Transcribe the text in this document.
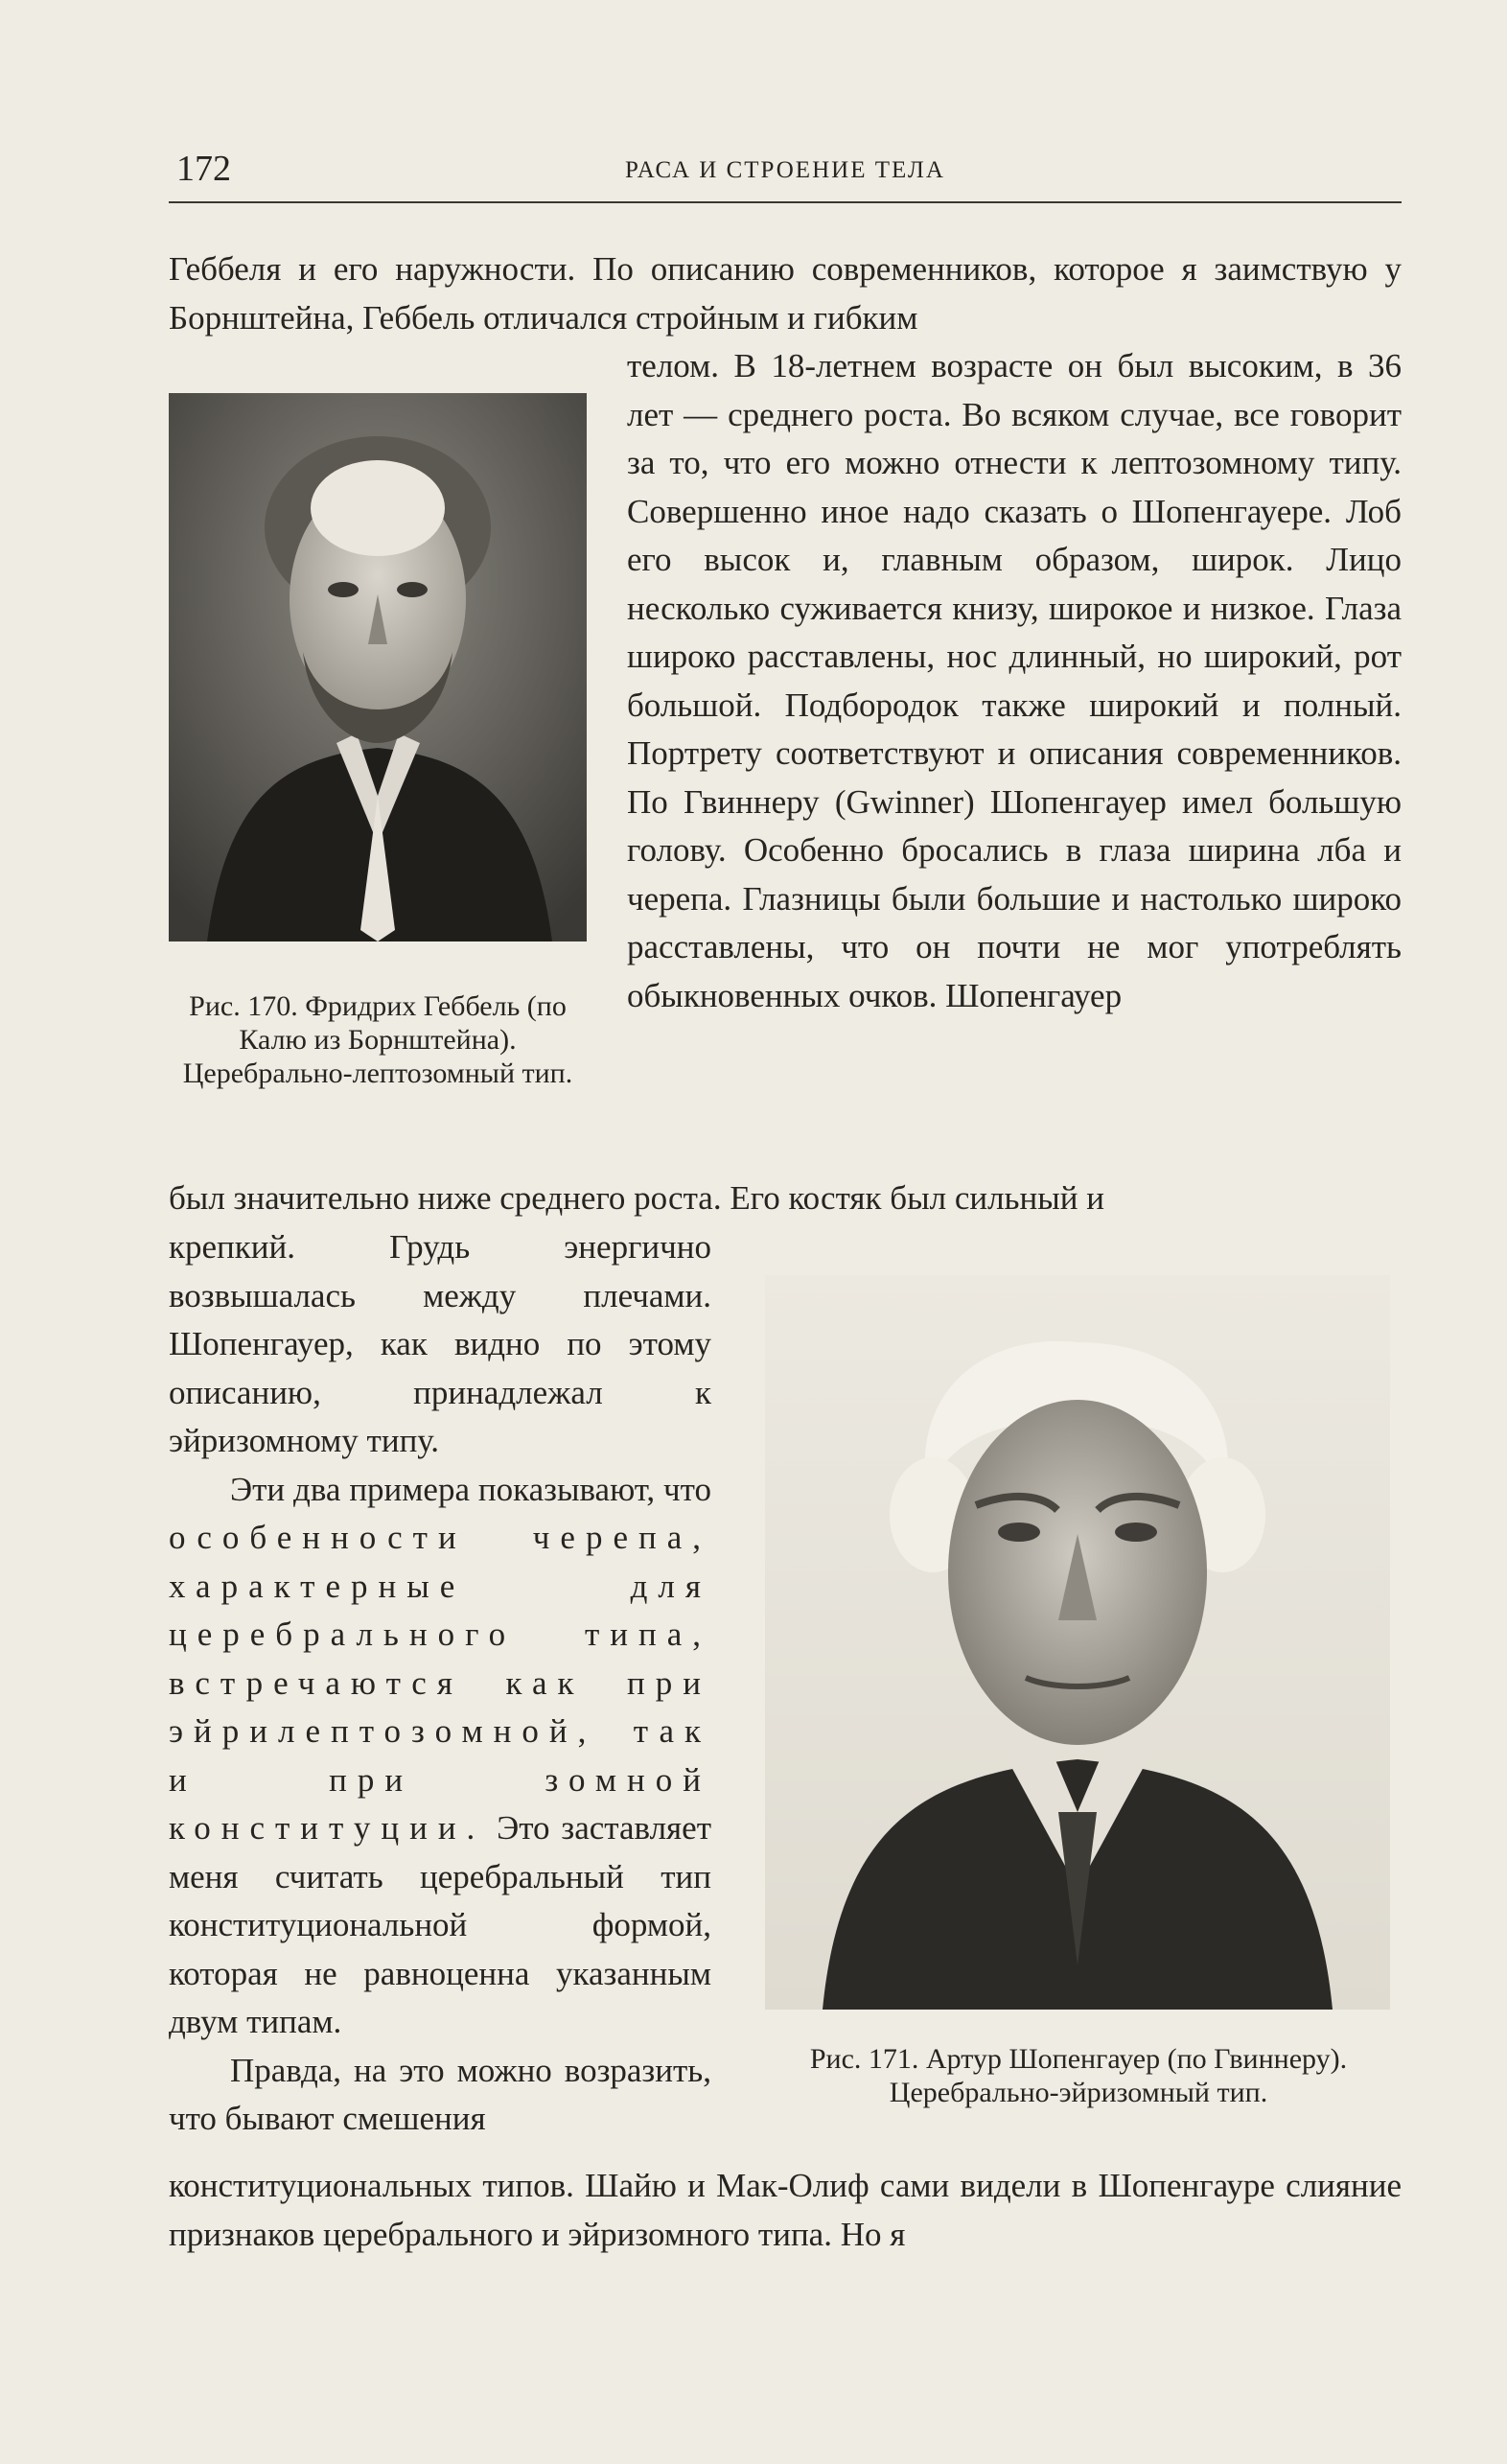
172	РАСА И СТРОЕНИЕ ТЕЛА

Геббеля и его наружности. По описанию современников, которое я заимствую у Борнштейна, Геббель отличался стройным и гибким

Рис. 170. Фридрих Геббель (по Калю из Борнштейна). Церебрально-лептозомный тип.

телом. В 18-летнем возрасте он был высоким, в 36 лет — среднего роста. Во всяком случае, все говорит за то, что его можно отнести к лептозомному типу. Совершенно иное надо сказать о Шопенгауере. Лоб его высок и, главным образом, широк. Лицо несколько суживается книзу, широкое и низкое. Глаза широко расставлены, нос длинный, но широкий, рот большой. Подбородок также широкий и полный. Портрету соответствуют и описания современников. По Гвиннеру (Gwinner) Шопенгауер имел большую голову. Особенно бросались в глаза ширина лба и черепа. Глазницы были большие и настолько широко расставлены, что он почти не мог употреблять обыкновенных очков. Шопенгауер

был значительно ниже среднего роста. Его костяк был сильный и

крепкий. Грудь энергично возвышалась между плечами. Шопенгауер, как видно по этому описанию, принадлежал к эйризомному типу.

Эти два примера показывают, что особенности черепа, характерные для церебрального типа, встречаются как при эйрилептозомной, так и при зомной конституции. Это заставляет меня считать церебральный тип конституциональной формой, которая не равноценна указанным двум типам.

Правда, на это можно возразить, что бывают смешения

Рис. 171. Артур Шопенгауер (по Гвиннеру). Церебрально-эйризомный тип.

конституциональных типов. Шайю и Мак-Олиф сами видели в Шопенгауре слияние признаков церебрального и эйризомного типа. Но я
